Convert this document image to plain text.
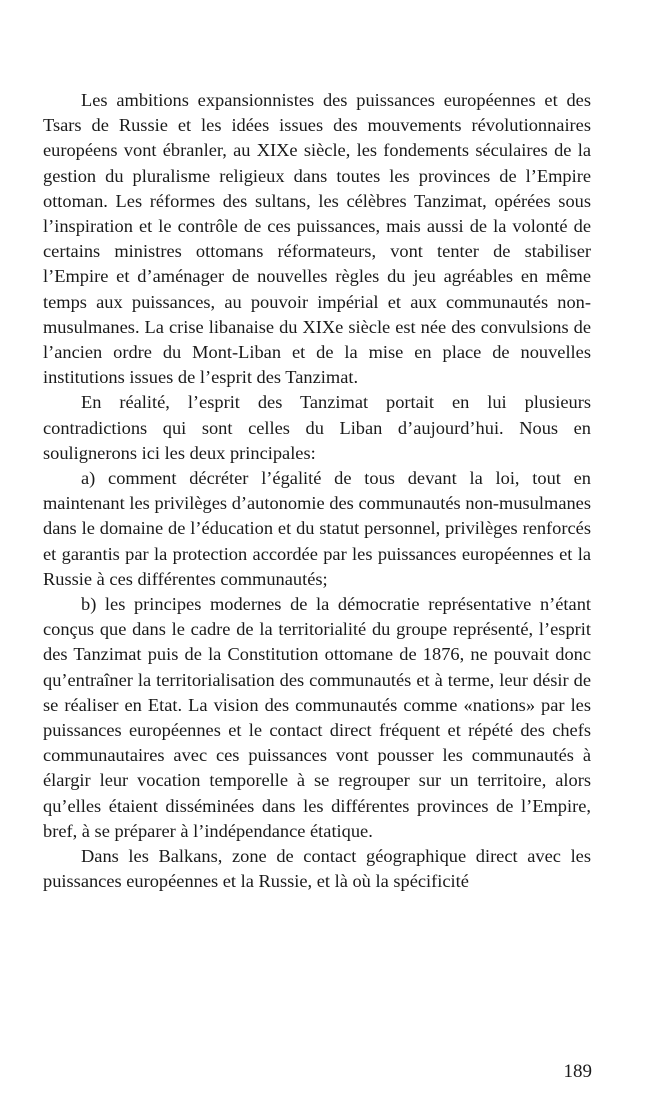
Les ambitions expansionnistes des puissances européennes et des Tsars de Russie et les idées issues des mouvements révolutionnaires européens vont ébranler, au XIXe siècle, les fondements séculaires de la gestion du pluralisme religieux dans toutes les provinces de l’Empire ottoman. Les réformes des sultans, les célèbres Tanzimat, opérées sous l’inspiration et le contrôle de ces puissances, mais aussi de la volonté de certains ministres ottomans réformateurs, vont tenter de stabiliser l’Empire et d’aménager de nouvelles règles du jeu agréables en même temps aux puissances, au pouvoir impérial et aux communautés non-musulmanes. La crise libanaise du XIXe siècle est née des convulsions de l’ancien ordre du Mont-Liban et de la mise en place de nouvelles institutions issues de l’esprit des Tanzimat.

En réalité, l’esprit des Tanzimat portait en lui plusieurs contradictions qui sont celles du Liban d’aujourd’hui. Nous en soulignerons ici les deux principales:

a) comment décréter l’égalité de tous devant la loi, tout en maintenant les privilèges d’autonomie des communautés non-musulmanes dans le domaine de l’éducation et du statut personnel, privilèges renforcés et garantis par la protection accordée par les puissances européennes et la Russie à ces différentes communautés;

b) les principes modernes de la démocratie représentative n’étant conçus que dans le cadre de la territorialité du groupe représenté, l’esprit des Tanzimat puis de la Constitution ottomane de 1876, ne pouvait donc qu’entraîner la territorialisation des communautés et à terme, leur désir de se réaliser en Etat. La vision des communautés comme «nations» par les puissances européennes et le contact direct fréquent et répété des chefs communautaires avec ces puissances vont pousser les communautés à élargir leur vocation temporelle à se regrouper sur un territoire, alors qu’elles étaient disséminées dans les différentes provinces de l’Empire, bref, à se préparer à l’indépendance étatique.

Dans les Balkans, zone de contact géographique direct avec les puissances européennes et la Russie, et là où la spécificité

189
